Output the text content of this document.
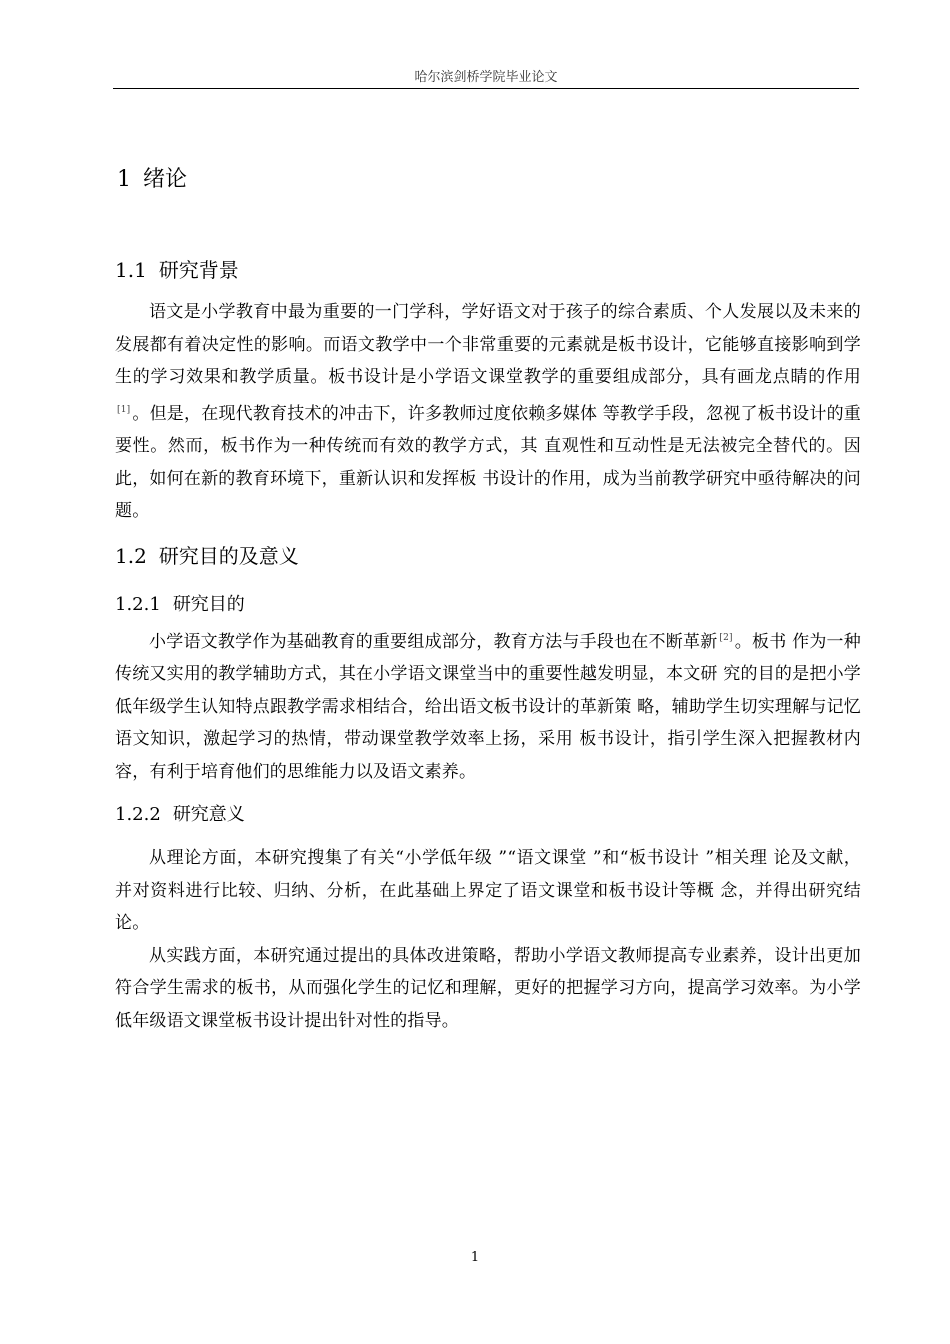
哈尔滨剑桥学院毕业论文
1 绪论
1.1 研究背景

语文是小学教育中最为重要的一门学科，学好语文对于孩子的综合素质、个人发展以及未来的发展都有着决定性的影响。而语文教学中一个非常重要的元素就是板书设计，它能够直接影响到学生的学习效果和教学质量。板书设计是小学语文课堂教学的重要组成部分，具有画龙点睛的作用[1] 。但是，在现代教育技术的冲击下，许多教师过度依赖多媒体 等教学手段，忽视了板书设计的重要性。然而，板书作为一种传统而有效的教学方式，其 直观性和互动性是无法被完全替代的。因此，如何在新的教育环境下，重新认识和发挥板 书设计的作用，成为当前教学研究中亟待解决的问题。

1.2 研究目的及意义
1.2.1 研究目的

小学语文教学作为基础教育的重要组成部分，教育方法与手段也在不断革新 [2] 。板书 作为一种传统又实用的教学辅助方式，其在小学语文课堂当中的重要性越发明显，本文研 究的目的是把小学低年级学生认知特点跟教学需求相结合，给出语文板书设计的革新策 略，辅助学生切实理解与记忆语文知识，激起学习的热情，带动课堂教学效率上扬，采用 板书设计，指引学生深入把握教材内容，有利于培育他们的思维能力以及语文素养。

1.2.2 研究意义

从理论方面，本研究搜集了有关“小学低年级 ”“语文课堂 ”和“板书设计 ”相关理 论及文献，并对资料进行比较、归纳、分析，在此基础上界定了语文课堂和板书设计等概 念，并得出研究结论。

从实践方面，本研究通过提出的具体改进策略，帮助小学语文教师提高专业素养，设计出更加符合学生需求的板书，从而强化学生的记忆和理解，更好的把握学习方向，提高学习效率。为小学低年级语文课堂板书设计提出针对性的指导。

1
